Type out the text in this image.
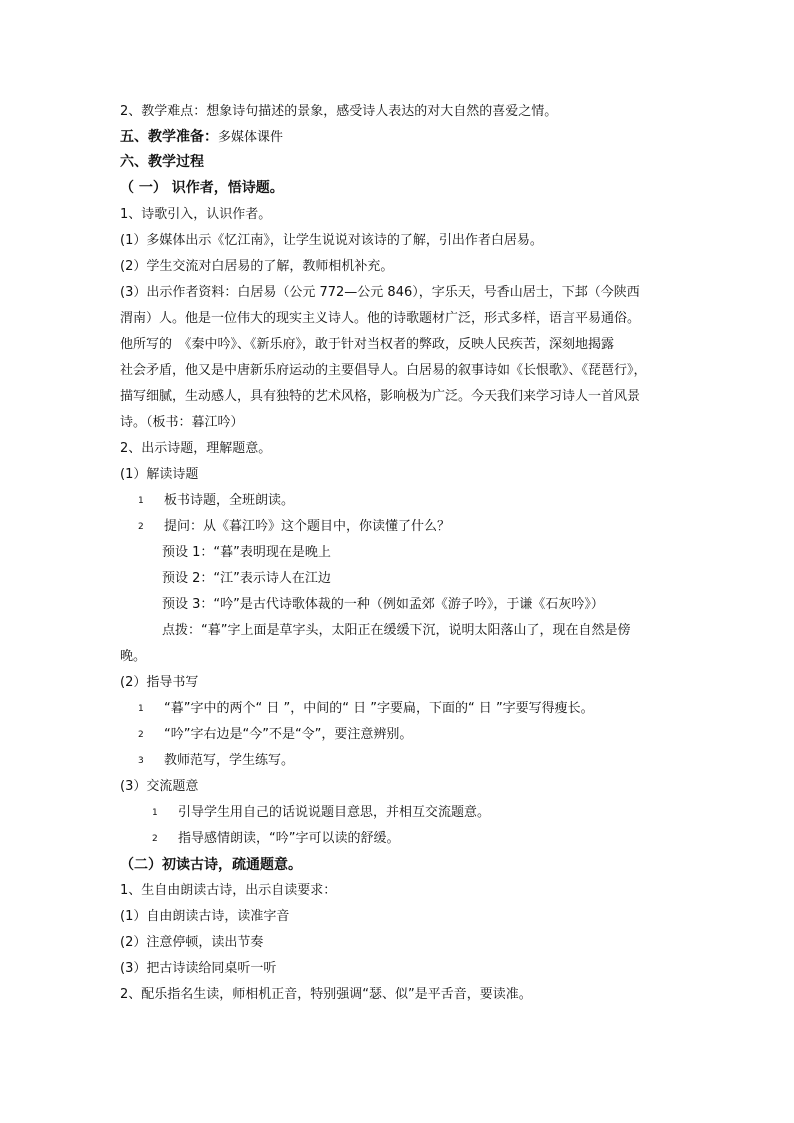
2、教学难点：想象诗句描述的景象，感受诗人表达的对大自然的喜爱之情。
五、教学准备：多媒体课件
六、教学过程
（ 一） 识作者，悟诗题。
1、诗歌引入，认识作者。
(1）多媒体出示《忆江南》，让学生说说对该诗的了解，引出作者白居易。
(2）学生交流对白居易的了解，教师相机补充。
(3）出示作者资料：白居易（公元 772—公元 846），字乐天，号香山居士，下邽（今陕西
渭南）人。他是一位伟大的现实主义诗人。他的诗歌题材广泛，形式多样，语言平易通俗。
他所写的　《秦中吟》、《新乐府》，敢于针对当权者的弊政，反映人民疾苦，深刻地揭露
社会矛盾，他又是中唐新乐府运动的主要倡导人。白居易的叙事诗如《长恨歌》、《琵琶行》，
描写细腻，生动感人，具有独特的艺术风格，影响极为广泛。今天我们来学习诗人一首风景
诗。（板书：暮江吟）
2、出示诗题，理解题意。
(1）解读诗题
1 板书诗题，全班朗读。
2 提问：从《暮江吟》这个题目中，你读懂了什么？
预设 1：“暮”表明现在是晚上
预设 2：“江”表示诗人在江边
预设 3：“吟”是古代诗歌体裁的一种（例如孟郊《游子吟》，于谦《石灰吟》）
点拨：“暮”字上面是草字头，太阳正在缓缓下沉，说明太阳落山了，现在自然是傍
晚。
(2）指导书写
1 “暮”字中的两个“ 日 ”，中间的“ 日 ”字要扁，下面的“ 日 ”字要写得瘦长。
2 “吟”字右边是“今”不是“令”，要注意辨别。
3 教师范写，学生练写。
(3）交流题意
1 引导学生用自己的话说说题目意思，并相互交流题意。
2 指导感情朗读，“吟”字可以读的舒缓。
（二）初读古诗，疏通题意。
1、生自由朗读古诗，出示自读要求：
(1）自由朗读古诗，读准字音
(2）注意停顿，读出节奏
(3）把古诗读给同桌听一听
2、配乐指名生读，师相机正音，特别强调“瑟、似”是平舌音，要读准。
